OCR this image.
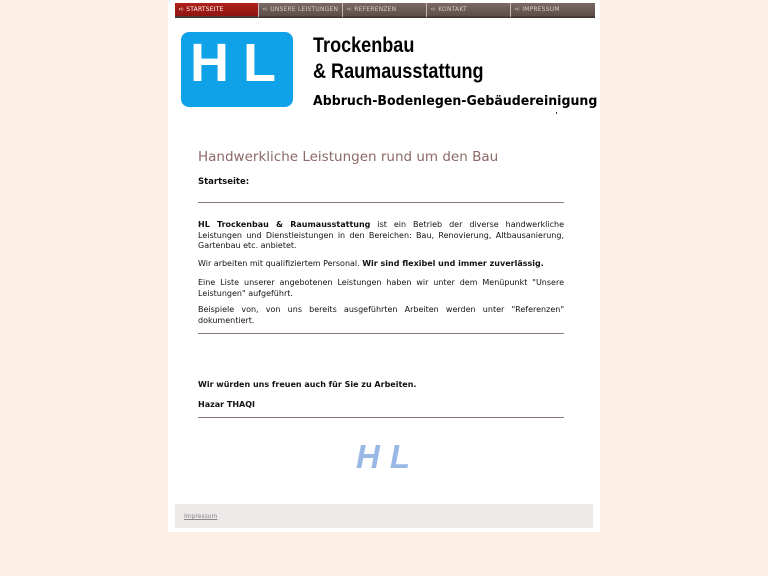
➪ STARTSEITE	➪ UNSERE LEISTUNGEN	➪ REFERENZEN	➪ KONTAKT	➪ IMPRESSUM
HL Trockenbau
& Raumausstattung
Abbruch-Bodenlegen-Gebäudereinigung
Handwerkliche Leistungen rund um den Bau
Startseite:

HL Trockenbau & Raumausstattung ist ein Betrieb der diverse handwerkliche Leistungen und Dienstleistungen in den Bereichen: Bau, Renovierung, Altbausanierung, Gartenbau etc. anbietet.

Wir arbeiten mit qualifiziertem Personal. Wir sind flexibel und immer zuverlässig.

Eine Liste unserer angebotenen Leistungen haben wir unter dem Menüpunkt "Unsere Leistungen" aufgeführt.

Beispiele von, von uns bereits ausgeführten Arbeiten werden unter "Referenzen" dokumentiert.

Wir würden uns freuen auch für Sie zu Arbeiten.

Hazar THAQI

HL
Impressum
